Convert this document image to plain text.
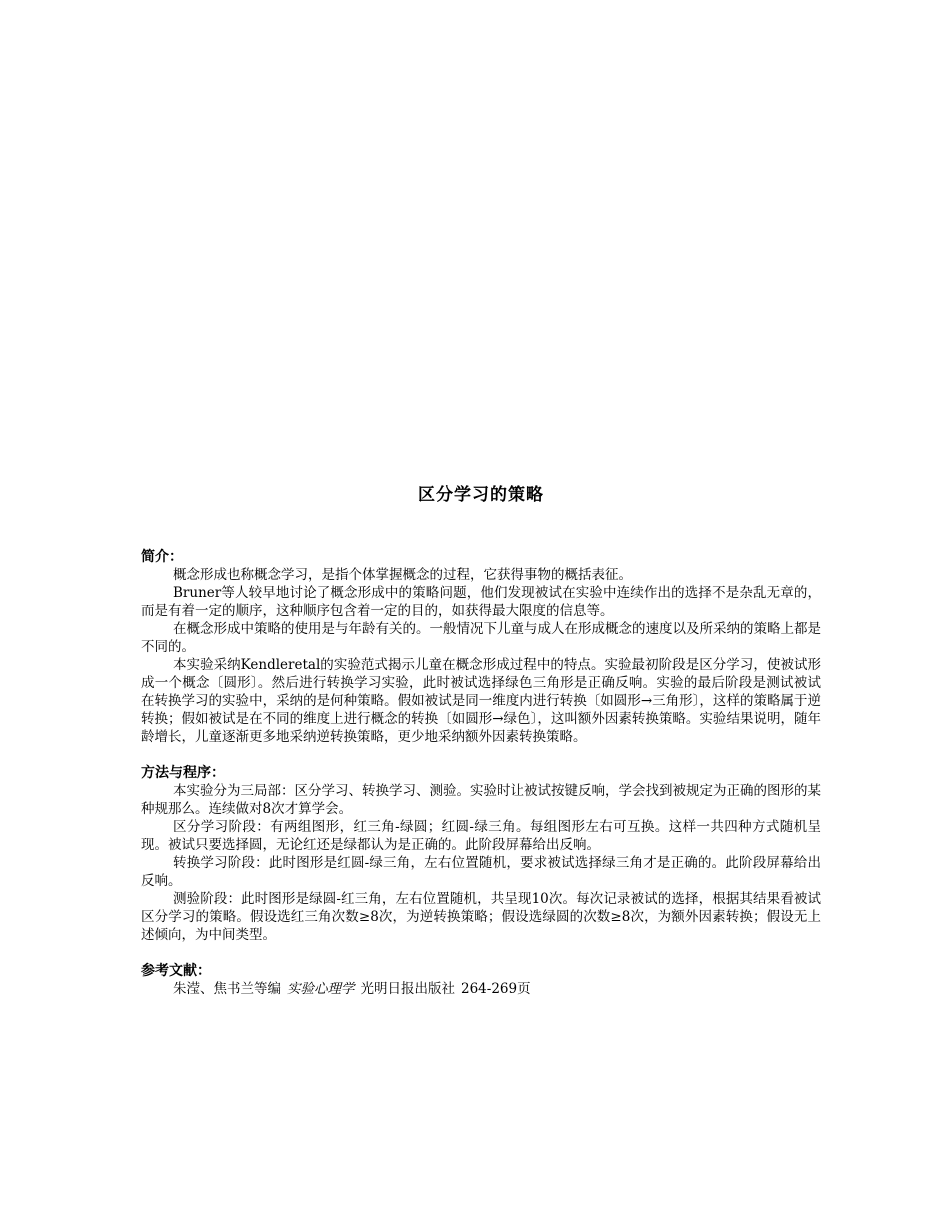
区分学习的策略

简介：

概念形成也称概念学习，是指个体掌握概念的过程，它获得事物的概括表征。

Bruner等人较早地讨论了概念形成中的策略问题，他们发现被试在实验中连续作出的选择不是杂乱无章的，而是有着一定的顺序，这种顺序包含着一定的目的，如获得最大限度的信息等。

在概念形成中策略的使用是与年龄有关的。一般情况下儿童与成人在形成概念的速度以及所采纳的策略上都是不同的。

本实验采纳Kendleretal的实验范式揭示儿童在概念形成过程中的特点。实验最初阶段是区分学习，使被试形成一个概念〔圆形〕。然后进行转换学习实验，此时被试选择绿色三角形是正确反响。实验的最后阶段是测试被试在转换学习的实验中，采纳的是何种策略。假如被试是同一维度内进行转换〔如圆形→三角形〕，这样的策略属于逆转换；假如被试是在不同的维度上进行概念的转换〔如圆形→绿色〕，这叫额外因素转换策略。实验结果说明，随年龄增长，儿童逐渐更多地采纳逆转换策略，更少地采纳额外因素转换策略。

方法与程序：

本实验分为三局部：区分学习、转换学习、测验。实验时让被试按键反响，学会找到被规定为正确的图形的某种规那么。连续做对8次才算学会。

区分学习阶段：有两组图形，红三角-绿圆；红圆-绿三角。每组图形左右可互换。这样一共四种方式随机呈现。被试只要选择圆，无论红还是绿都认为是正确的。此阶段屏幕给出反响。

转换学习阶段：此时图形是红圆-绿三角，左右位置随机，要求被试选择绿三角才是正确的。此阶段屏幕给出反响。

测验阶段：此时图形是绿圆-红三角，左右位置随机，共呈现10次。每次记录被试的选择，根据其结果看被试区分学习的策略。假设选红三角次数≥8次，为逆转换策略；假设选绿圆的次数≥8次，为额外因素转换；假设无上述倾向，为中间类型。

参考文献：

朱滢、焦书兰等编 实验心理学 光明日报出版社 264-269页
